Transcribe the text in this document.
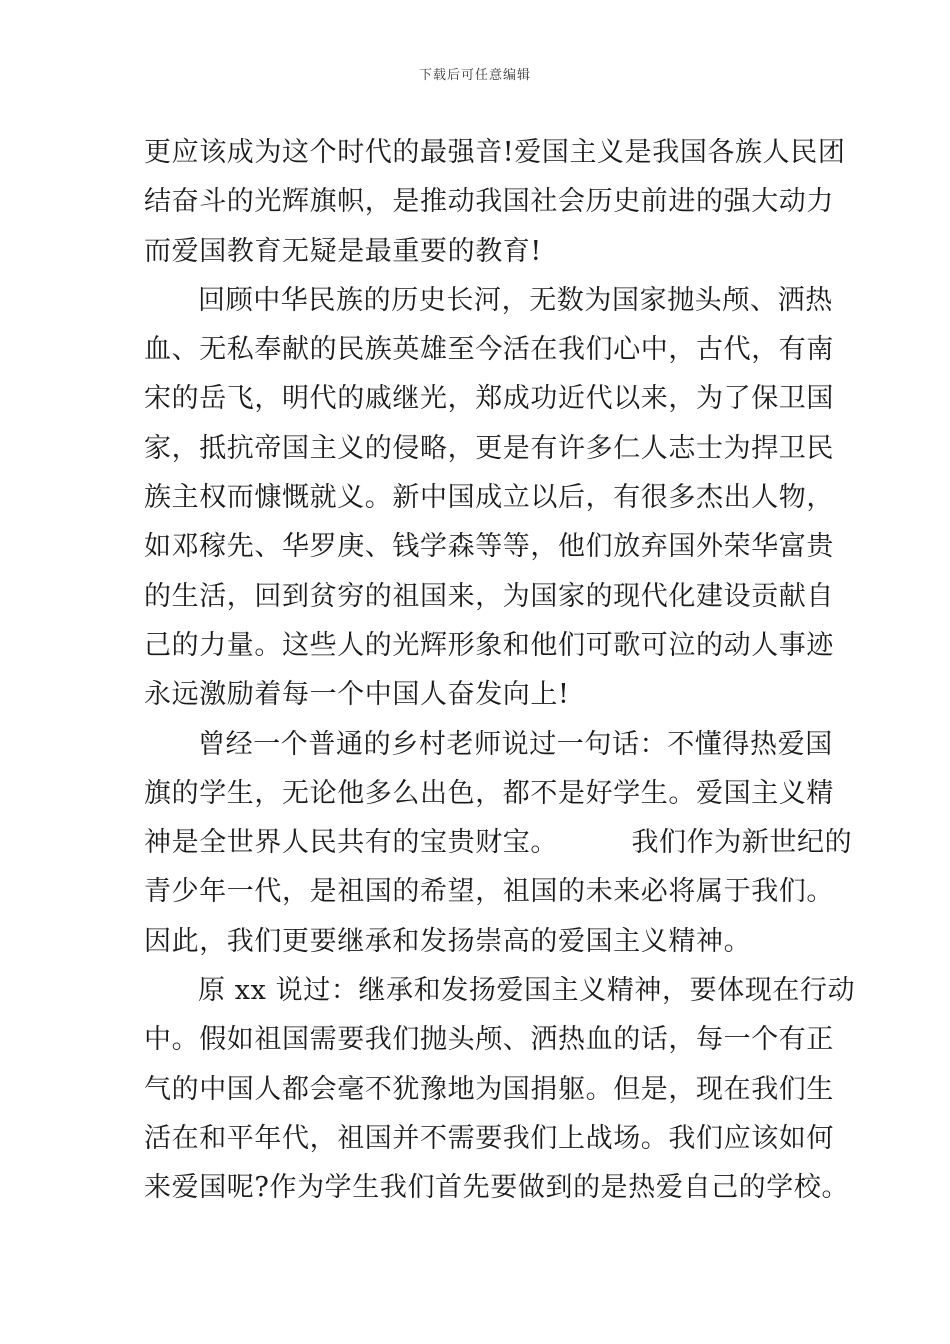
下载后可任意编辑

更应该成为这个时代的最强音!爱国主义是我国各族人民团
结奋斗的光辉旗帜，是推动我国社会历史前进的强大动力
而爱国教育无疑是最重要的教育!

回顾中华民族的历史长河，无数为国家抛头颅、洒热
血、无私奉献的民族英雄至今活在我们心中，古代，有南
宋的岳飞，明代的戚继光，郑成功近代以来，为了保卫国
家，抵抗帝国主义的侵略，更是有许多仁人志士为捍卫民
族主权而慷慨就义。新中国成立以后，有很多杰出人物，
如邓稼先、华罗庚、钱学森等等，他们放弃国外荣华富贵
的生活，回到贫穷的祖国来，为国家的现代化建设贡献自
己的力量。这些人的光辉形象和他们可歌可泣的动人事迹
永远激励着每一个中国人奋发向上!

曾经一个普通的乡村老师说过一句话：不懂得热爱国
旗的学生，无论他多么出色，都不是好学生。爱国主义精
神是全世界人民共有的宝贵财宝。        我们作为新世纪的
青少年一代，是祖国的希望，祖国的未来必将属于我们。
因此，我们更要继承和发扬崇高的爱国主义精神。

原 xx 说过：继承和发扬爱国主义精神，要体现在行动
中。假如祖国需要我们抛头颅、洒热血的话，每一个有正
气的中国人都会毫不犹豫地为国捐躯。但是，现在我们生
活在和平年代，祖国并不需要我们上战场。我们应该如何
来爱国呢?作为学生我们首先要做到的是热爱自己的学校。
